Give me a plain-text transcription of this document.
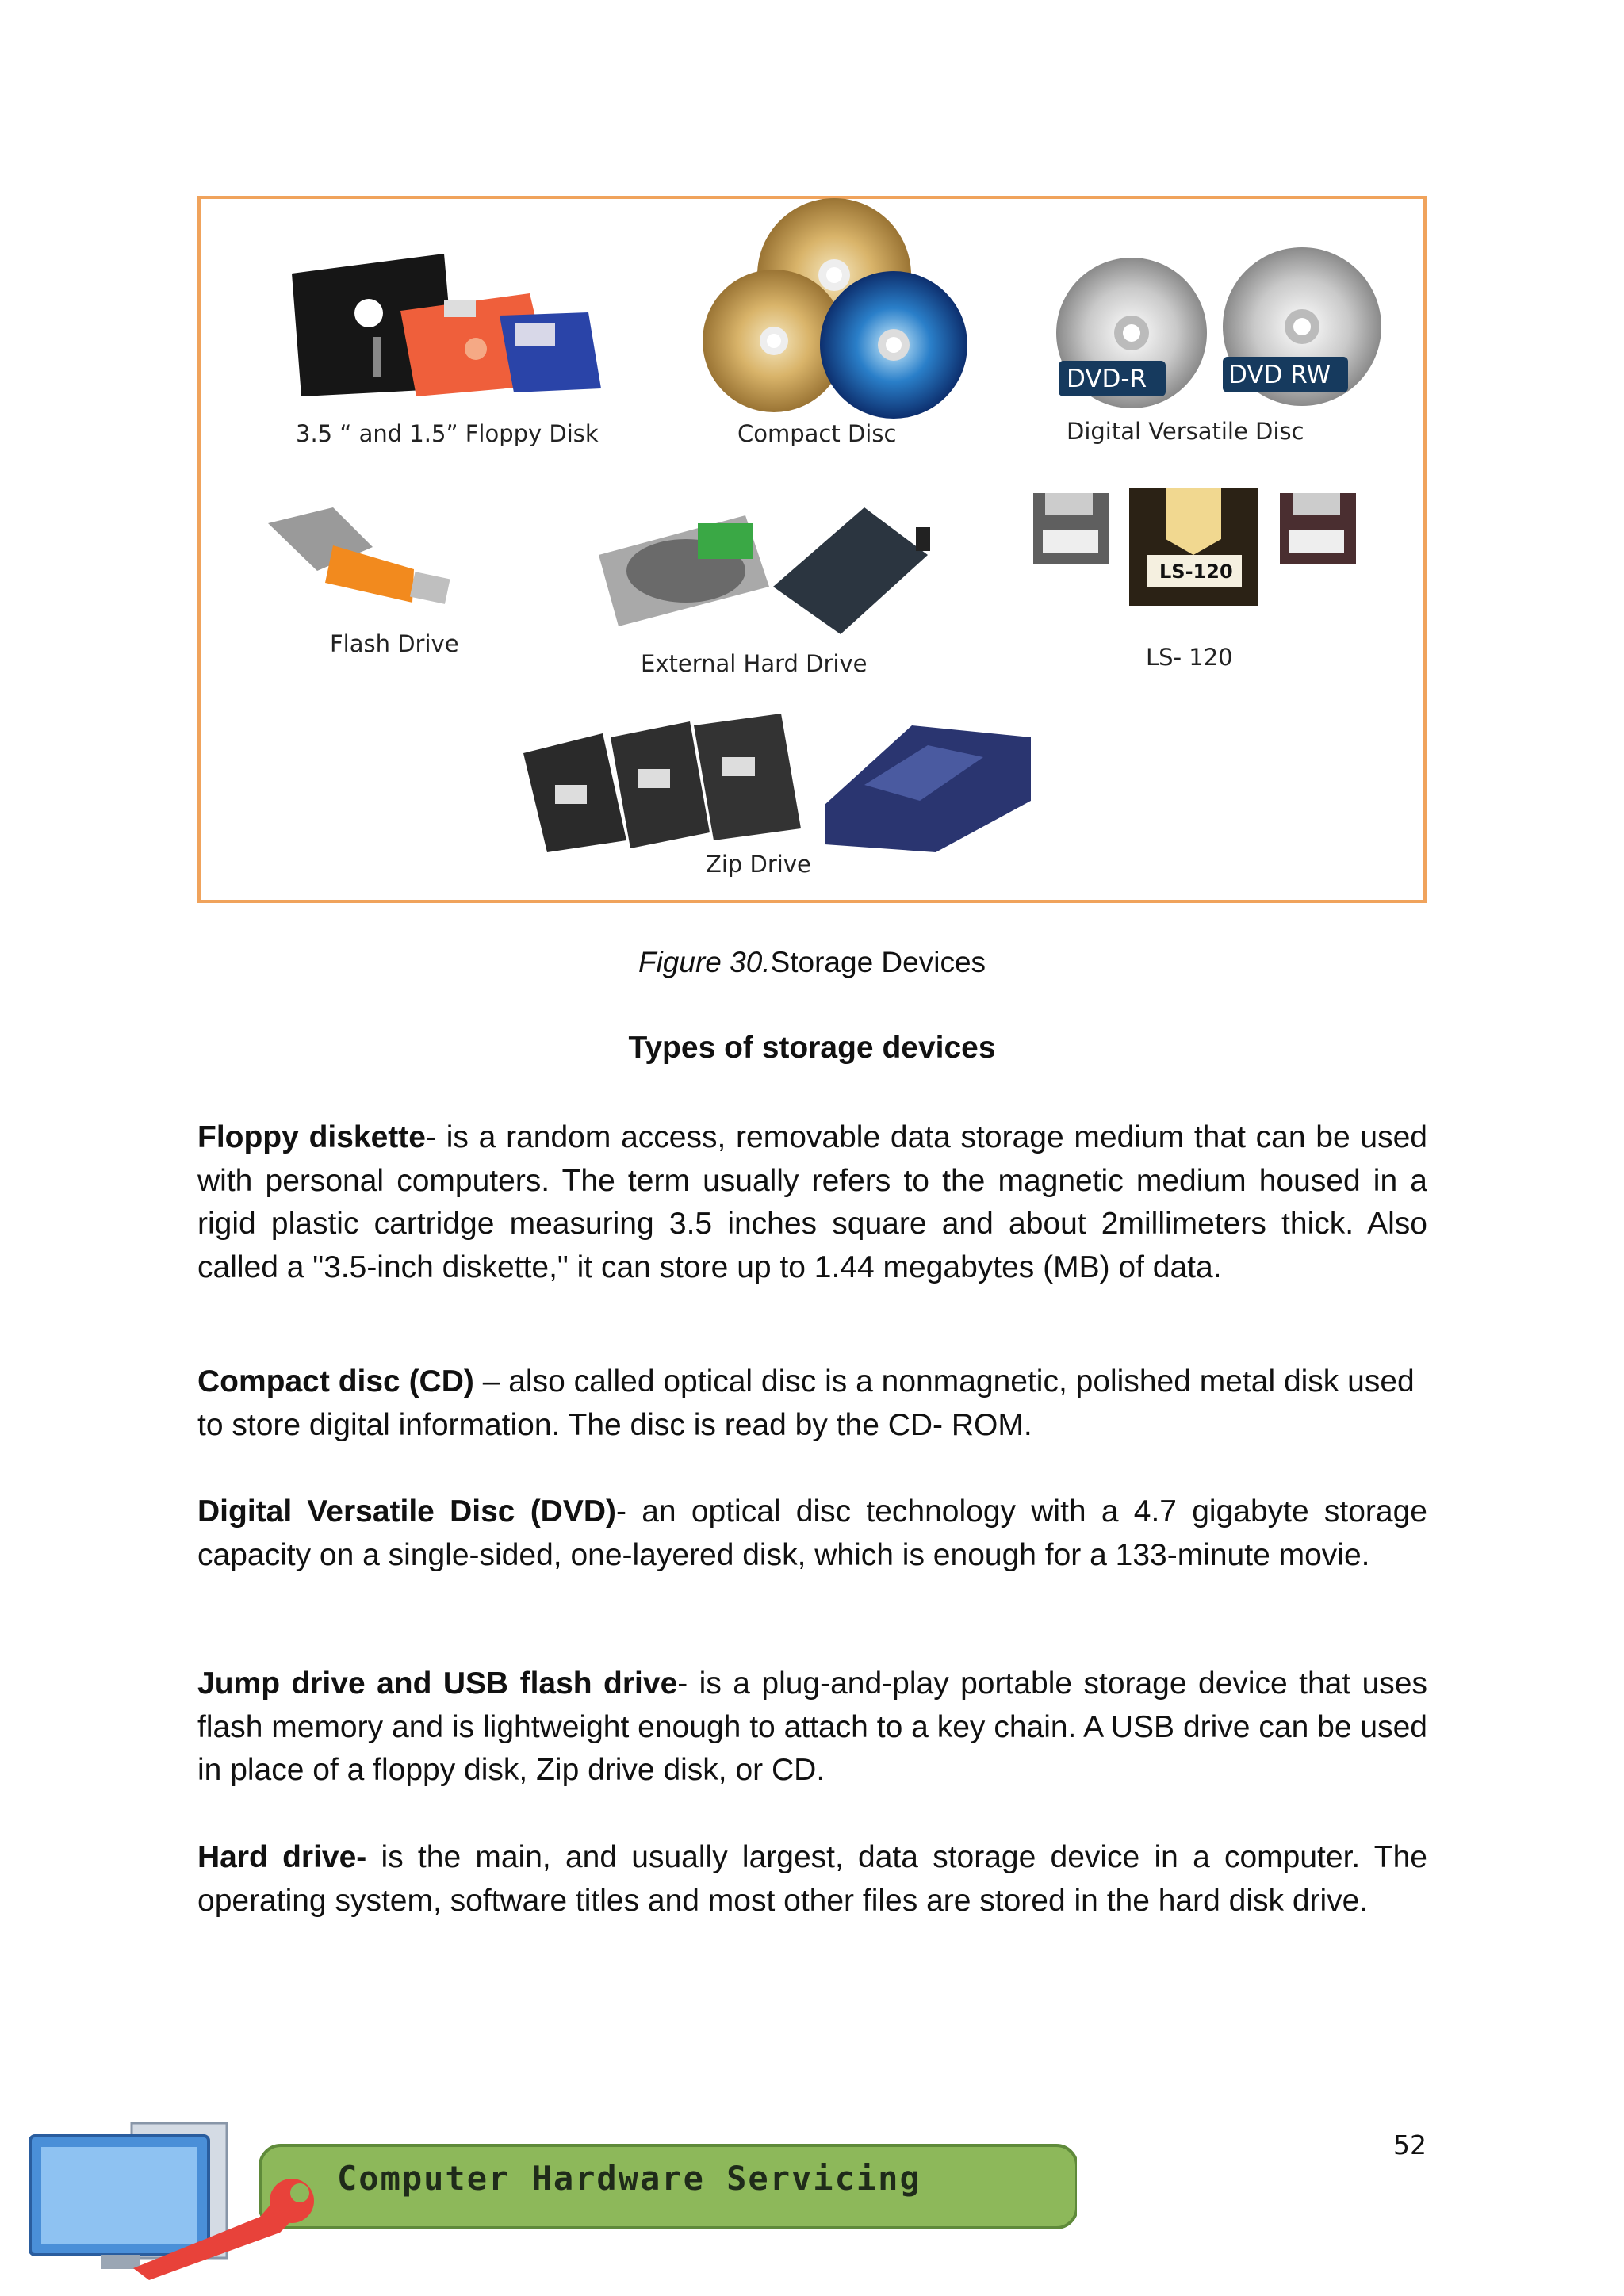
3.5 “ and 1.5” Floppy Disk	Compact Disc	Digital Versatile Disc
Flash Drive
External Hard Drive	LS- 120
Zip Drive
DVD-R	DVD RW
LS-120
Figure 30.Storage Devices
Types of storage devices

Floppy diskette- is a random access, removable data storage medium that can be used with personal computers. The term usually refers to the magnetic medium housed in a rigid plastic cartridge measuring 3.5 inches square and about 2millimeters thick. Also called a "3.5-inch diskette," it can store up to 1.44 megabytes (MB) of data.

Compact disc (CD) – also called optical disc is a nonmagnetic, polished metal disk used to store digital information. The disc is read by the CD- ROM.

Digital Versatile Disc (DVD)- an optical disc technology with a 4.7 gigabyte storage capacity on a single-sided, one-layered disk, which is enough for a 133-minute movie.

Jump drive and USB flash drive- is a plug-and-play portable storage device that uses flash memory and is lightweight enough to attach to a key chain. A USB drive can be used in place of a floppy disk, Zip drive disk, or CD.

Hard drive- is the main, and usually largest, data storage device in a computer. The operating system, software titles and most other files are stored in the hard disk drive.

52
Computer Hardware Servicing
